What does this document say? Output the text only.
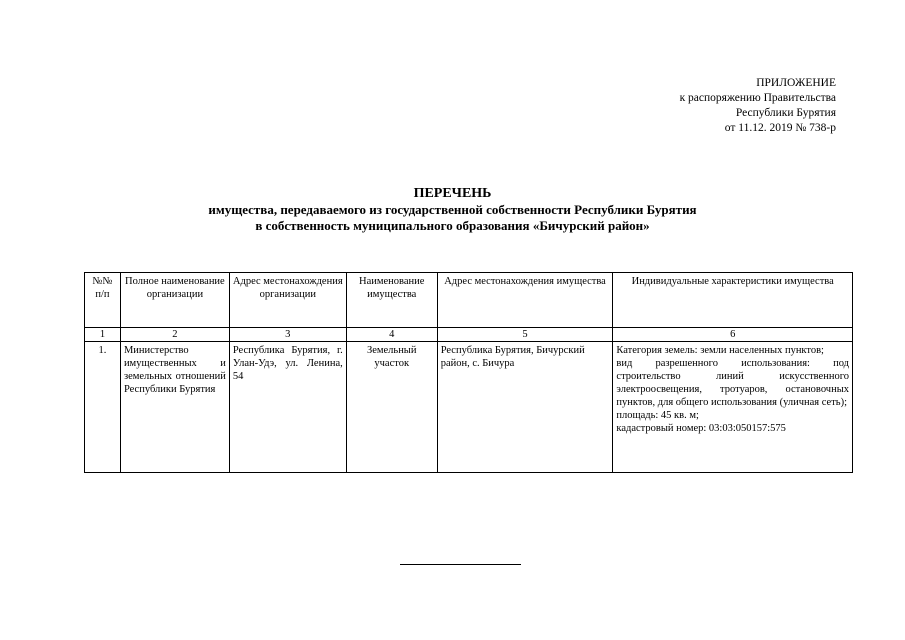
ПРИЛОЖЕНИЕ
к распоряжению Правительства
Республики Бурятия
от 11.12. 2019 № 738-р
ПЕРЕЧЕНЬ
имущества, передаваемого из государственной собственности Республики Бурятия
в собственность муниципального образования «Бичурский район»
№№ п/п	Полное наименование организации	Адрес местонахождения организации	Наименование имущества	Адрес местонахождения имущества	Индивидуальные характеристики имущества
1	2	3	4	5	6
1.	Министерство имущественных и земельных отношений Республики Бурятия	Республика Бурятия, г. Улан-Удэ, ул. Ленина, 54	Земельный участок	Республика Бурятия, Бичурский район, с. Бичура	Категория земель: земли населенных пунктов;
вид разрешенного использования: под строительство линий искусственного электроосвещения, тротуаров, остановочных пунктов, для общего использования (уличная сеть);
площадь: 45 кв. м;
кадастровый номер: 03:03:050157:575
